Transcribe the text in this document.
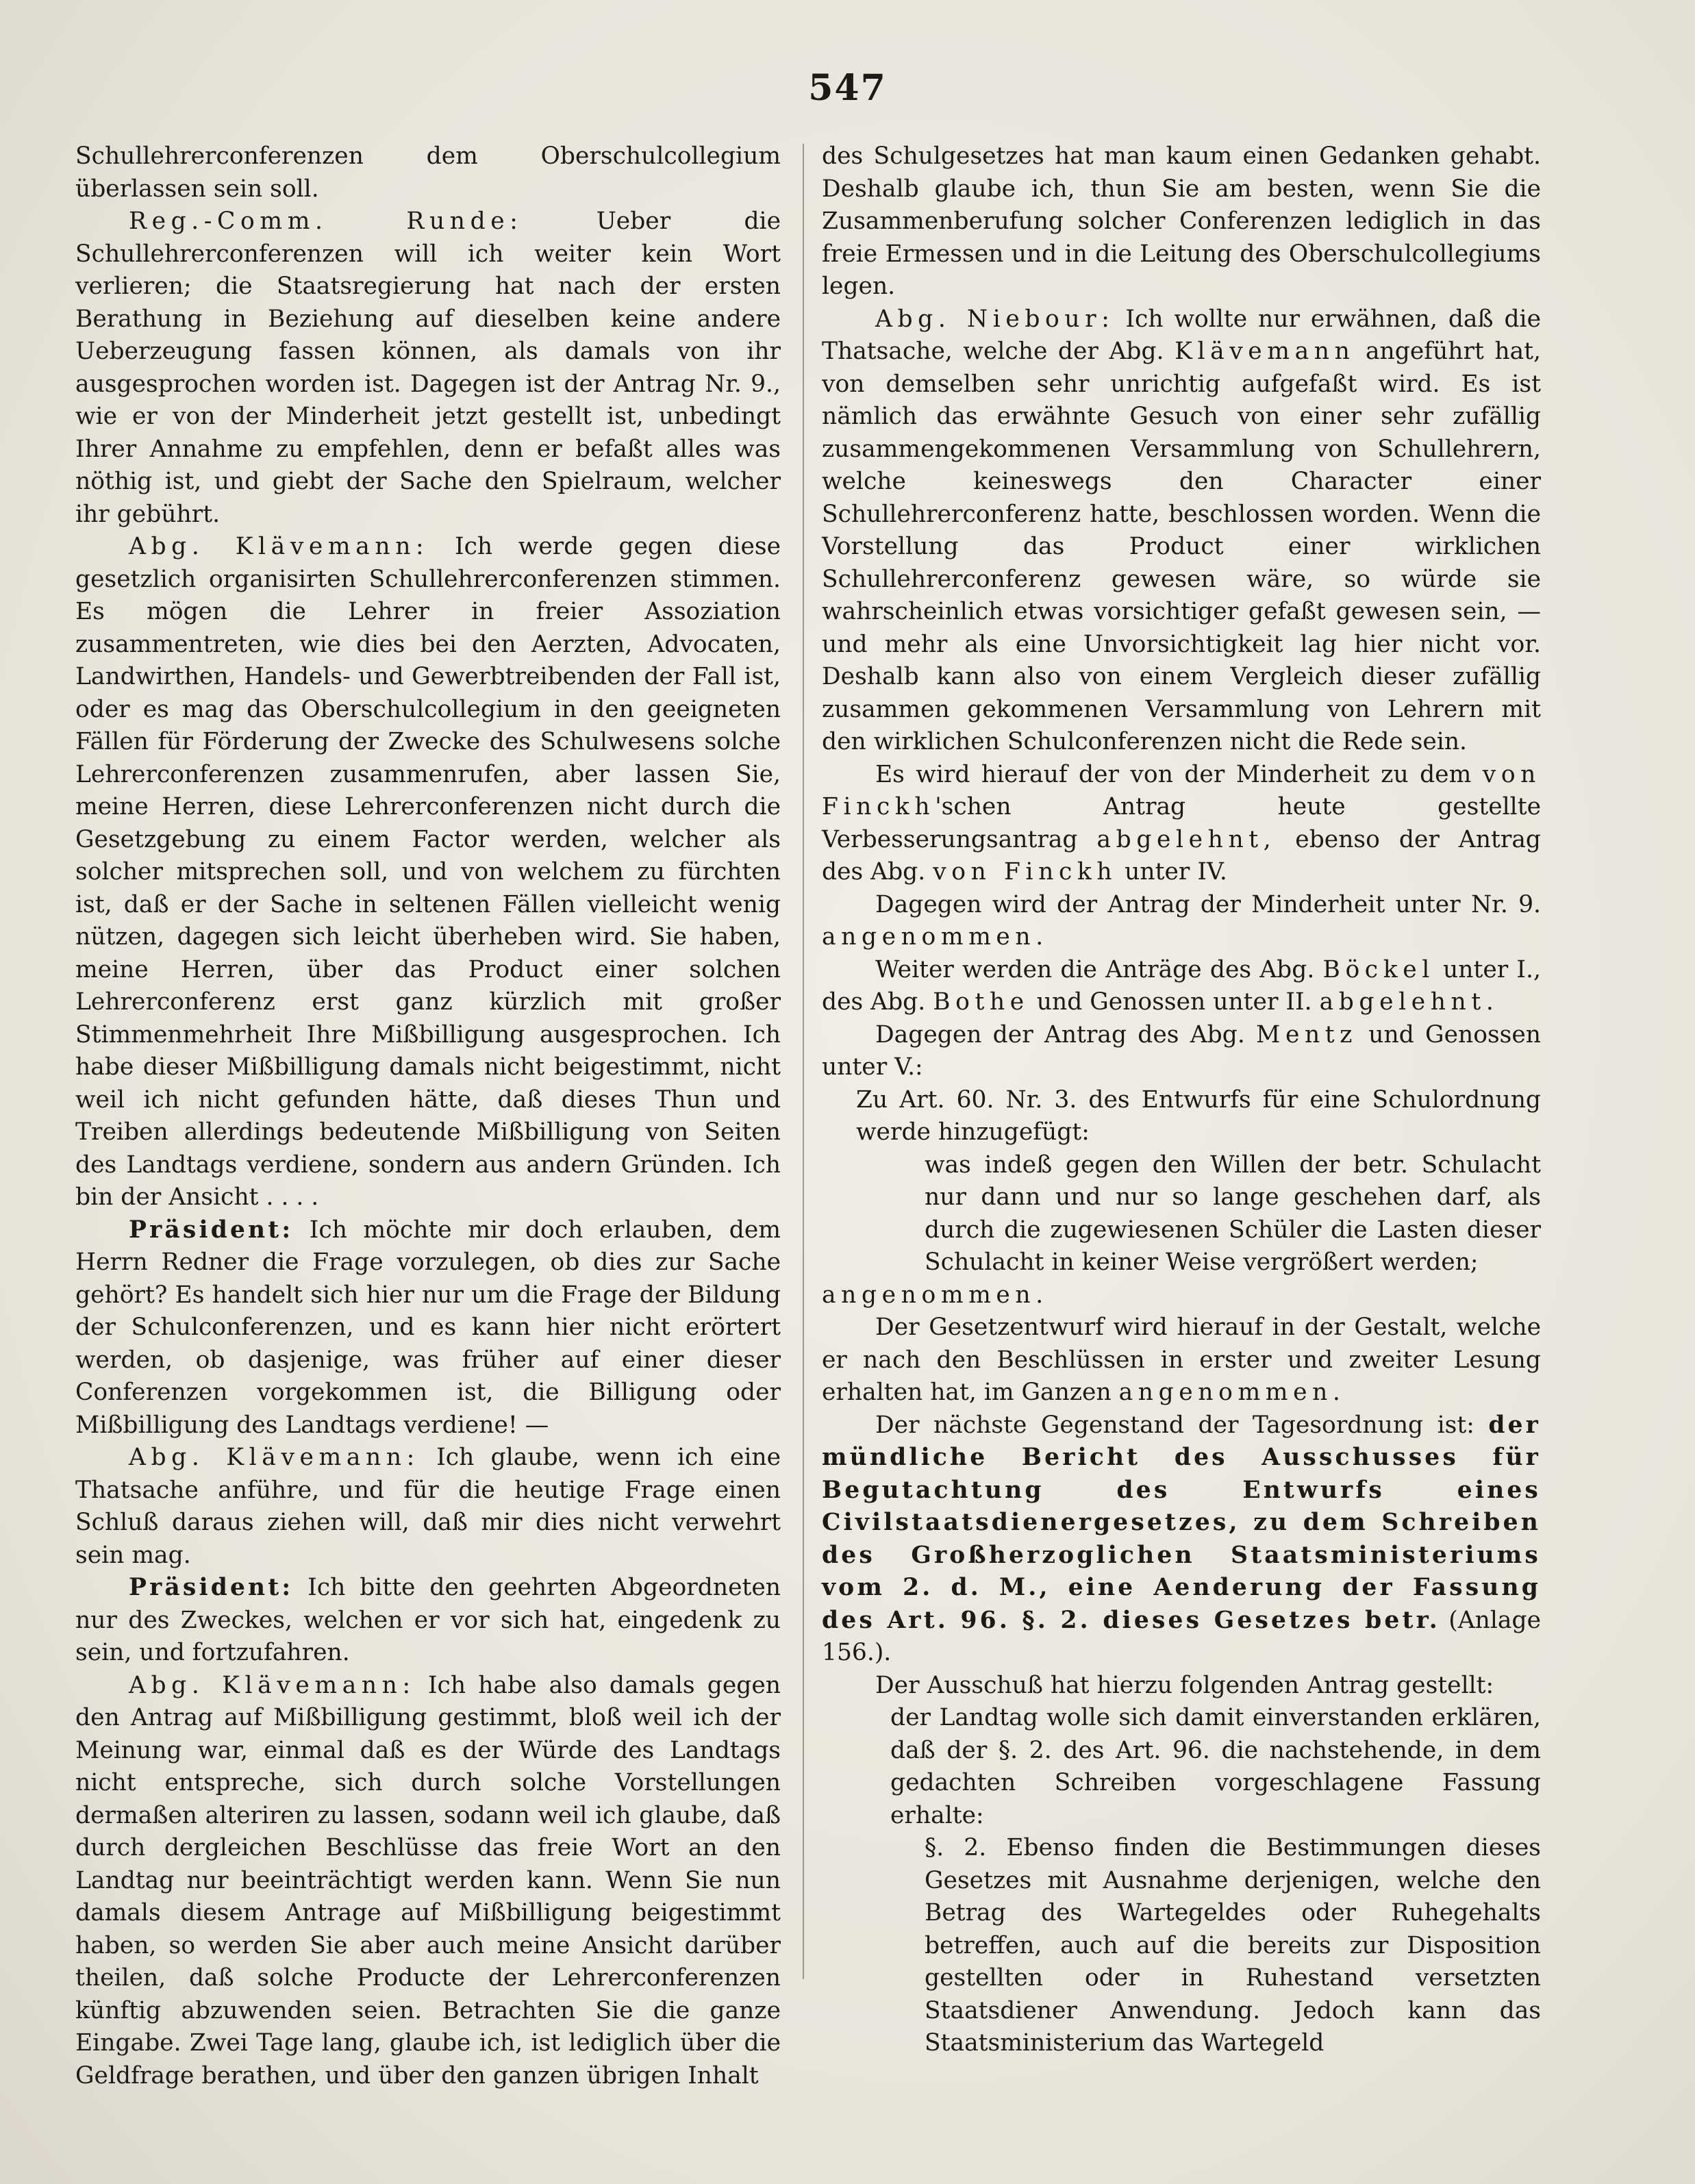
547

Schullehrerconferenzen dem Oberschulcollegium überlassen sein soll.

Reg.-Comm. Runde:	Ueber die Schullehrerconferenzen will ich weiter kein Wort verlieren; die Staatsregierung hat nach der ersten Berathung in Beziehung auf dieselben keine andere Ueberzeugung fassen können, als damals von ihr ausgesprochen worden ist. Dagegen ist der Antrag Nr. 9., wie er von der Minderheit jetzt gestellt ist, unbedingt Ihrer Annahme zu empfehlen, denn er befaßt alles was nöthig ist, und giebt der Sache den Spielraum, welcher ihr gebührt.

Abg. Klävemann: Ich werde gegen diese gesetzlich organisirten Schullehrerconferenzen stimmen. Es mögen die Lehrer in freier Assoziation zusammentreten, wie dies bei den Aerzten, Advocaten, Landwirthen, Handels- und Gewerbtreibenden der Fall ist, oder es mag das Oberschulcollegium in den geeigneten Fällen für Förderung der Zwecke des Schulwesens solche Lehrerconferenzen zusammenrufen, aber lassen Sie, meine Herren, diese Lehrerconferenzen nicht durch die Gesetzgebung zu einem Factor werden, welcher als solcher mitsprechen soll, und von welchem zu fürchten ist, daß er der Sache in seltenen Fällen vielleicht wenig nützen, dagegen sich leicht überheben wird. Sie haben, meine Herren, über das Product einer solchen Lehrerconferenz erst ganz kürzlich mit großer Stimmenmehrheit Ihre Mißbilligung ausgesprochen. Ich habe dieser Mißbilligung damals nicht beigestimmt, nicht weil ich nicht gefunden hätte, daß dieses Thun und Treiben allerdings bedeutende Mißbilligung von Seiten des Landtags verdiene, sondern aus andern Gründen. Ich bin der Ansicht . . . .

Präsident: Ich möchte mir doch erlauben, dem Herrn Redner die Frage vorzulegen, ob dies zur Sache gehört? Es handelt sich hier nur um die Frage der Bildung der Schulconferenzen, und es kann hier nicht erörtert werden, ob dasjenige, was früher auf einer dieser Conferenzen vorgekommen ist, die Billigung oder Mißbilligung des Landtags verdiene! —

Abg. Klävemann: Ich glaube, wenn ich eine Thatsache anführe, und für die heutige Frage einen Schluß daraus ziehen will, daß mir dies nicht verwehrt sein mag.

Präsident: Ich bitte den geehrten Abgeordneten nur des Zweckes, welchen er vor sich hat, eingedenk zu sein, und fortzufahren.

Abg. Klävemann: Ich habe also damals gegen den Antrag auf Mißbilligung gestimmt, bloß weil ich der Meinung war, einmal daß es der Würde des Landtags nicht entspreche, sich durch solche Vorstellungen dermaßen alteriren zu lassen, sodann weil ich glaube, daß durch dergleichen Beschlüsse das freie Wort an den Landtag nur beeinträchtigt werden kann. Wenn Sie nun damals diesem Antrage auf Mißbilligung beigestimmt haben, so werden Sie aber auch meine Ansicht darüber theilen, daß solche Producte der Lehrerconferenzen künftig abzuwenden seien. Betrachten Sie die ganze Eingabe. Zwei Tage lang, glaube ich, ist lediglich über die Geldfrage berathen, und über den ganzen übrigen Inhalt

des Schulgesetzes hat man kaum einen Gedanken gehabt. Deshalb glaube ich, thun Sie am besten, wenn Sie die Zusammenberufung solcher Conferenzen lediglich in das freie Ermessen und in die Leitung des Oberschulcollegiums legen.

Abg. Niebour: Ich wollte nur erwähnen, daß die Thatsache, welche der Abg. Klävemann angeführt hat, von demselben sehr unrichtig aufgefaßt wird. Es ist nämlich das erwähnte Gesuch von einer sehr zufällig zusammengekommenen Versammlung von Schullehrern, welche keineswegs den Character einer Schullehrerconferenz hatte, beschlossen worden. Wenn die Vorstellung das Product einer wirklichen Schullehrerconferenz gewesen wäre, so würde sie wahrscheinlich etwas vorsichtiger gefaßt gewesen sein, — und mehr als eine Unvorsichtigkeit lag hier nicht vor. Deshalb kann also von einem Vergleich dieser zufällig zusammen gekommenen Versammlung von Lehrern mit den wirklichen Schulconferenzen nicht die Rede sein.

Es wird hierauf der von der Minderheit zu dem von Finckh'schen Antrag heute gestellte Verbesserungsantrag abgelehnt, ebenso der Antrag des Abg. von Finckh unter IV.

Dagegen wird der Antrag der Minderheit unter Nr. 9. angenommen.

Weiter werden die Anträge des Abg. Böckel unter I., des Abg. Bothe und Genossen unter II. abgelehnt.

Dagegen der Antrag des Abg. Mentz und Genossen unter V.:

Zu Art. 60. Nr. 3. des Entwurfs für eine Schulordnung werde hinzugefügt:

was indeß gegen den Willen der betr. Schulacht nur dann und nur so lange geschehen darf, als durch die zugewiesenen Schüler die Lasten dieser Schulacht in keiner Weise vergrößert werden;

angenommen.

Der Gesetzentwurf wird hierauf in der Gestalt, welche er nach den Beschlüssen in erster und zweiter Lesung erhalten hat, im Ganzen angenommen.

Der nächste Gegenstand der Tagesordnung ist: der mündliche Bericht des Ausschusses für Begutachtung des Entwurfs eines Civilstaatsdienergesetzes, zu dem Schreiben des Großherzoglichen Staatsministeriums vom 2. d. M., eine Aenderung der Fassung des Art. 96. §. 2. dieses Gesetzes betr. (Anlage 156.).

Der Ausschuß hat hierzu folgenden Antrag gestellt:

der Landtag wolle sich damit einverstanden erklären, daß der §. 2. des Art. 96. die nachstehende, in dem gedachten Schreiben vorgeschlagene Fassung erhalte:

§. 2. Ebenso finden die Bestimmungen dieses Gesetzes mit Ausnahme derjenigen, welche den Betrag des Wartegeldes oder Ruhegehalts betreffen, auch auf die bereits zur Disposition gestellten oder in Ruhestand versetzten Staatsdiener Anwendung. Jedoch kann das Staatsministerium das Wartegeld
